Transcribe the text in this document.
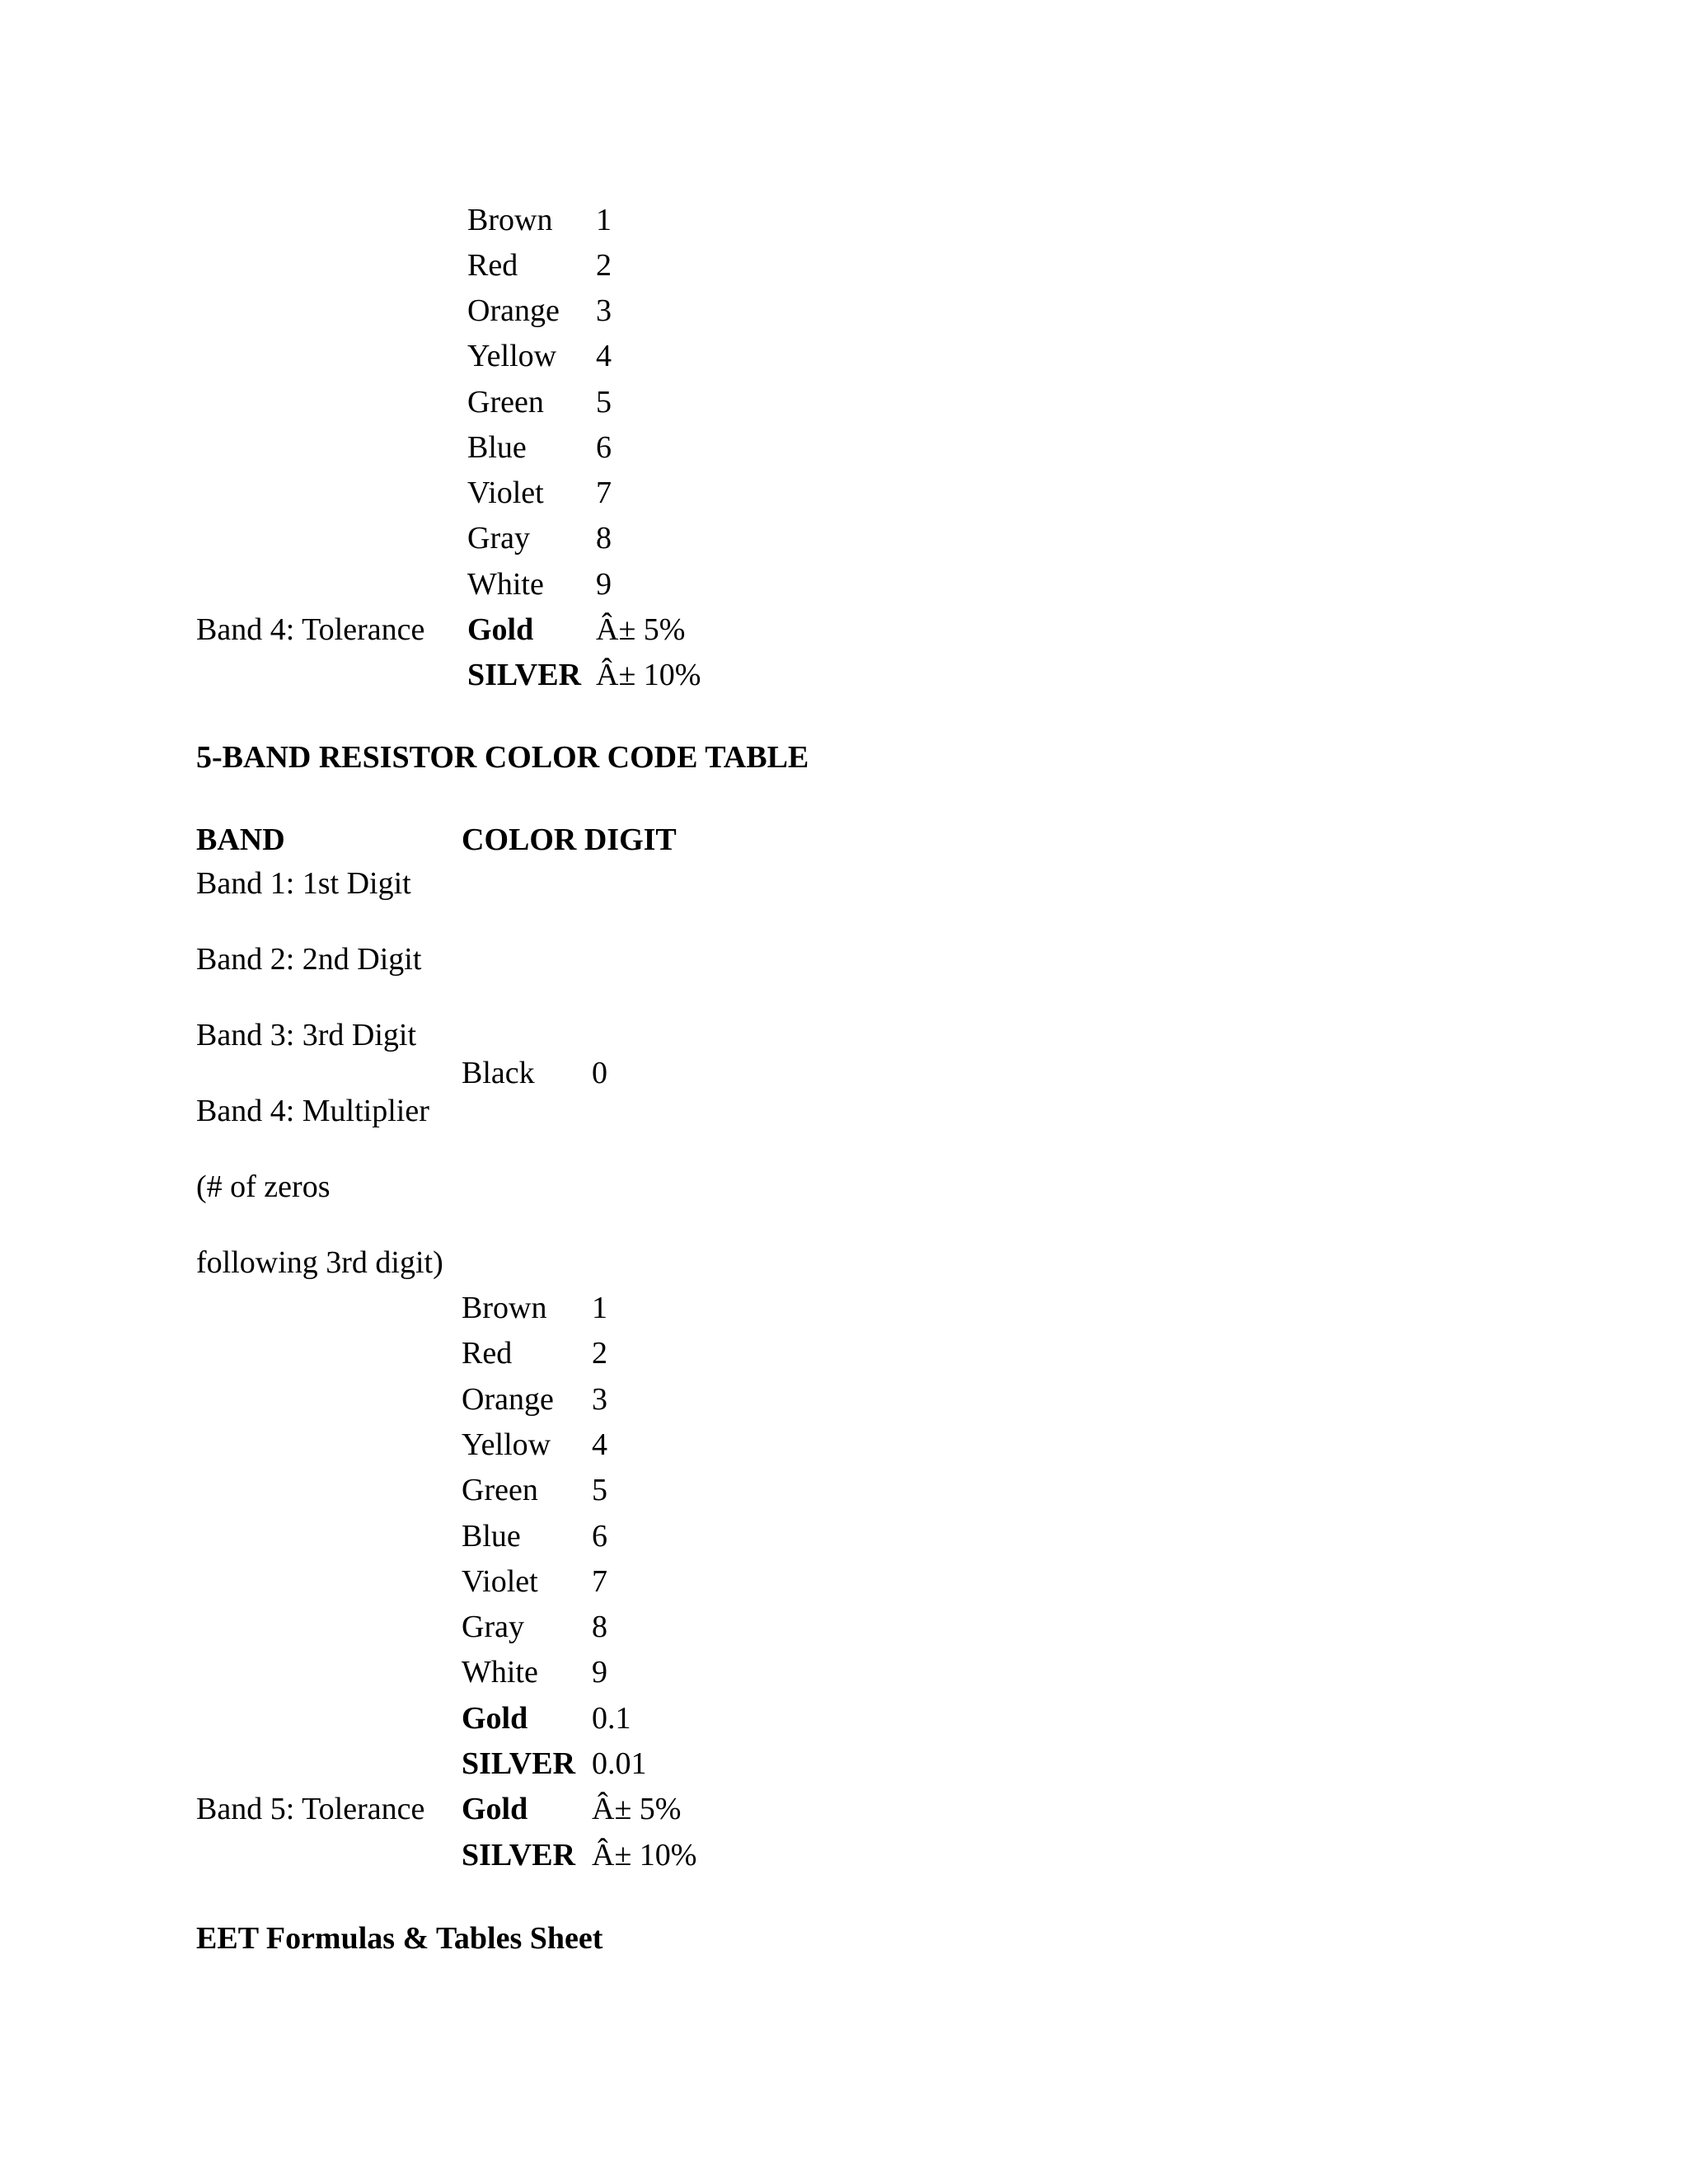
Brown 1
Red 2
Orange 3
Yellow 4
Green 5
Blue 6
Violet 7
Gray 8
White 9
Band 4: Tolerance Gold Â± 5%
SILVER Â± 10%
5-BAND RESISTOR COLOR CODE TABLE
BAND	COLOR DIGIT
Band 1: 1st Digit
Band 2: 2nd Digit
Band 3: 3rd Digit
Black 0
Band 4: Multiplier
(# of zeros
following 3rd digit)
Brown 1
Red	2
Orange 3
Yellow 4
Green 5
Blue 6
Violet 7
Gray 8
White 9
Gold 0.1
SILVER 0.01
Band 5: Tolerance Gold Â± 5%
SILVER Â± 10%
EET Formulas & Tables Sheet
